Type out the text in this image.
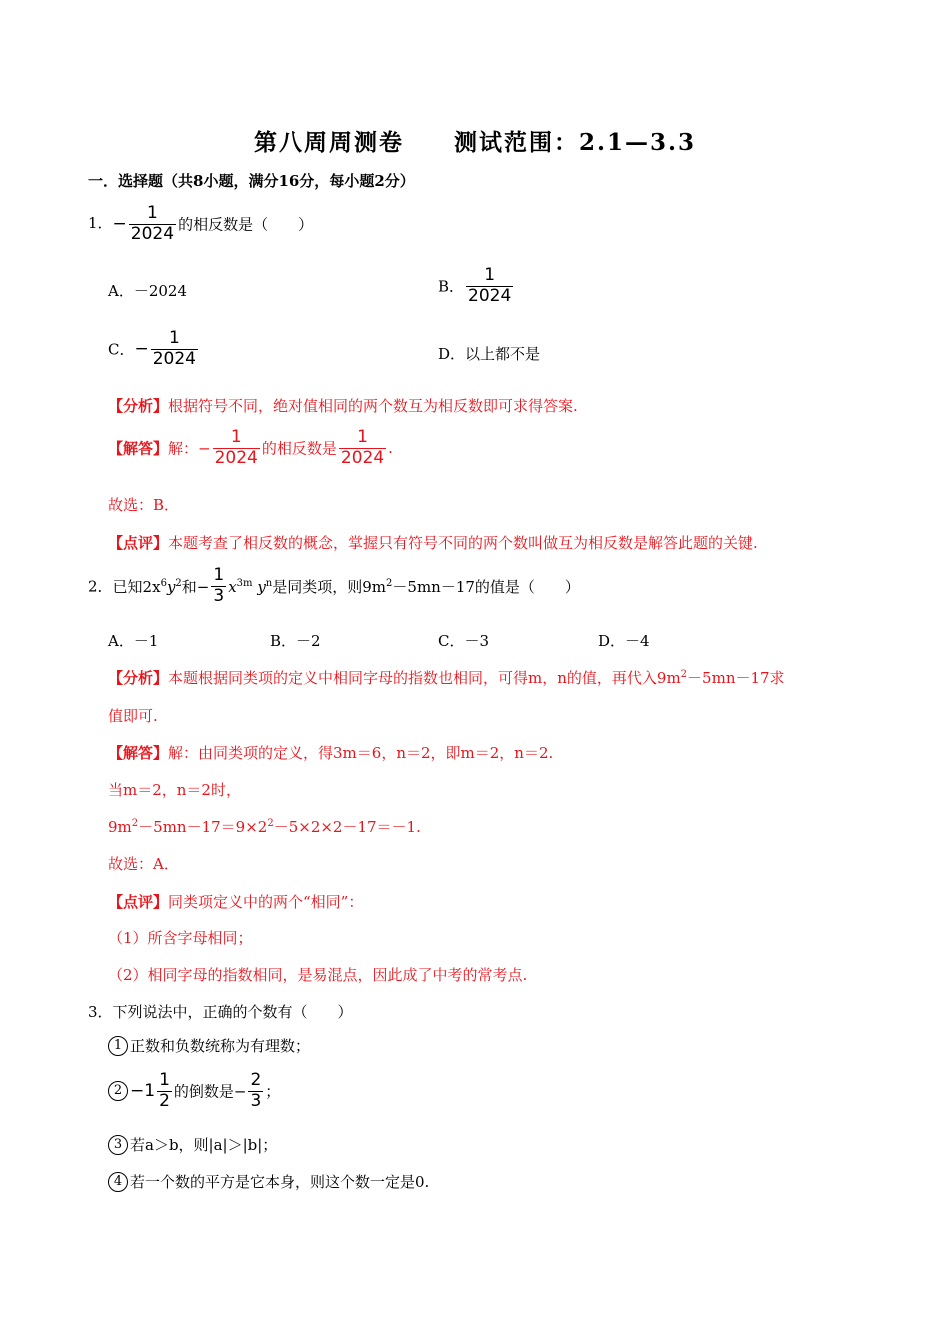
第八周周测卷　　测试范围：2.1—3.3
一．选择题（共8小题，满分16分，每小题2分）
1．− $\frac{1}{2024}$ 的相反数是（　　）
A．－2024	B． $\frac{1}{2024}$
C．− $\frac{1}{2024}$	D．以上都不是
【分析】根据符号不同，绝对值相同的两个数互为相反数即可求得答案.
【解答】解：− $\frac{1}{2024}$ 的相反数是 $\frac{1}{2024}$ .
故选：B．
【点评】本题考查了相反数的概念，掌握只有符号不同的两个数叫做互为相反数是解答此题的关键.
2．已知$2x^6y^2$和− $\frac{1}{3} x^{3m}$ $y^n$是同类项，则$9m^2-5mn-17$的值是（　　）
A．－1	B．－2	C．－3	D．－4
【分析】本题根据同类项的定义中相同字母的指数也相同，可得m，n的值，再代入$9m^2-5mn-17$求
值即可.
【解答】解：由同类项的定义，得3m＝6，n＝2，即m＝2，n＝2.
当m＝2，n＝2时，
$9m^2-5mn-17=9\times 2^2-5\times 2\times 2-17=-1$.
故选：A．
【点评】同类项定义中的两个“相同”：
（1）所含字母相同；
（2）相同字母的指数相同，是易混点，因此成了中考的常考点.
3．下列说法中，正确的个数有（　　）
1 正数和负数统称为有理数；
$2 -1 \frac{1}{2}$ 的倒数是− $\frac{2}{3}$ ；
3 若a＞b，则|a|＞|b|；
4 若一个数的平方是它本身，则这个数一定是0.
